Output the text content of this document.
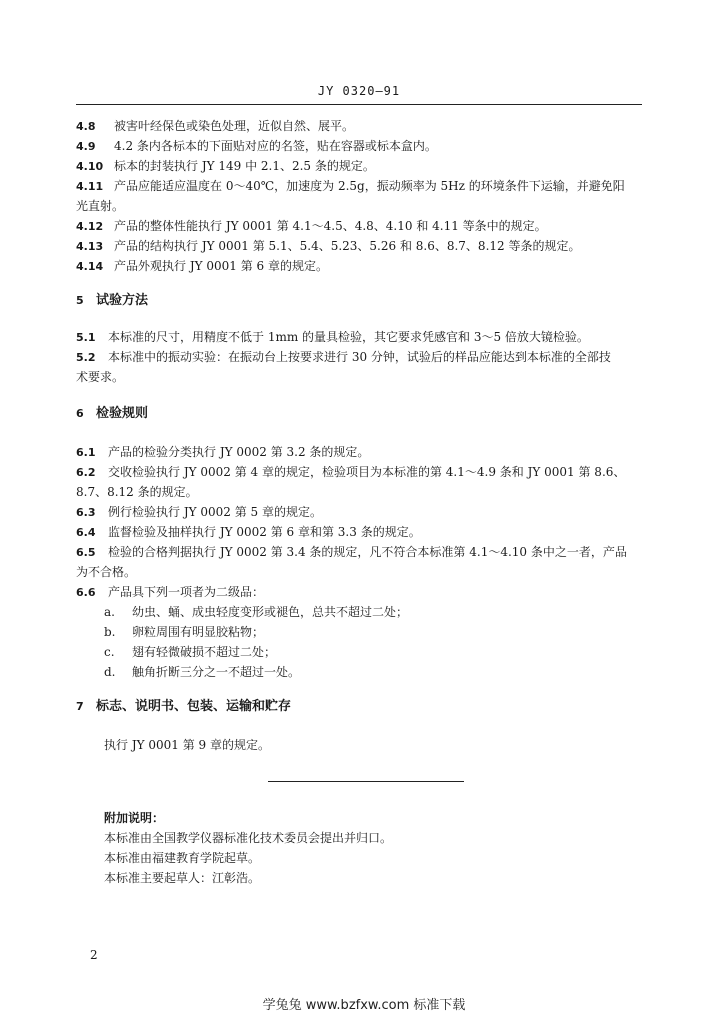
JY 0320—91
4.8 被害叶经保色或染色处理，近似自然、展平。
4.9 4.2 条内各标本的下面贴对应的名签，贴在容器或标本盒内。
4.10 标本的封装执行 JY 149 中 2.1、2.5 条的规定。
4.11 产品应能适应温度在 0～40℃，加速度为 2.5g，振动频率为 5Hz 的环境条件下运输，并避免阳
光直射。
4.12 产品的整体性能执行 JY 0001 第 4.1～4.5、4.8、4.10 和 4.11 等条中的规定。
4.13 产品的结构执行 JY 0001 第 5.1、5.4、5.23、5.26 和 8.6、8.7、8.12 等条的规定。
4.14 产品外观执行 JY 0001 第 6 章的规定。
5 试验方法
5.1 本标准的尺寸，用精度不低于 1mm 的量具检验，其它要求凭感官和 3～5 倍放大镜检验。
5.2 本标准中的振动实验：在振动台上按要求进行 30 分钟，试验后的样品应能达到本标准的全部技
术要求。
6 检验规则
6.1 产品的检验分类执行 JY 0002 第 3.2 条的规定。
6.2 交收检验执行 JY 0002 第 4 章的规定，检验项目为本标准的第 4.1～4.9 条和 JY 0001 第 8.6、
8.7、8.12 条的规定。
6.3 例行检验执行 JY 0002 第 5 章的规定。
6.4 监督检验及抽样执行 JY 0002 第 6 章和第 3.3 条的规定。
6.5 检验的合格判据执行 JY 0002 第 3.4 条的规定，凡不符合本标准第 4.1～4.10 条中之一者，产品
为不合格。
6.6 产品具下列一项者为二级品：
a. 幼虫、蛹、成虫轻度变形或褪色，总共不超过二处；
b. 卵粒周围有明显胶粘物；
c. 翅有轻微破损不超过二处；
d. 触角折断三分之一不超过一处。
7 标志、说明书、包装、运输和贮存
执行 JY 0001 第 9 章的规定。
附加说明：
本标准由全国教学仪器标准化技术委员会提出并归口。
本标准由福建教育学院起草。
本标准主要起草人：江彰浩。
2
学兔兔 www.bzfxw.com 标准下载
